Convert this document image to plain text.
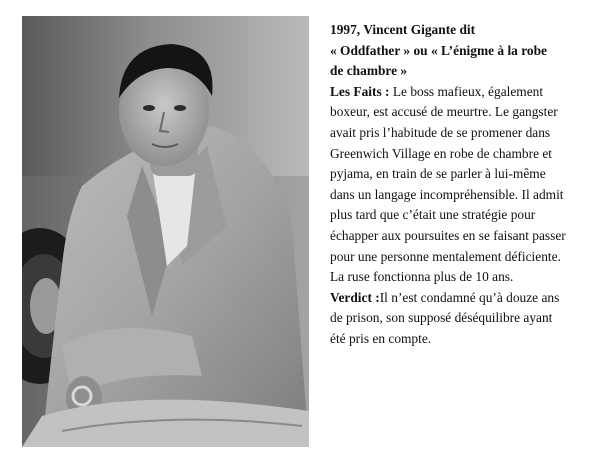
1997, Vincent Gigante dit

« Oddfather » ou « L’énigme à la robe

de chambre »

Les Faits : Le boss mafieux, également

boxeur, est accusé de meurtre. Le gangster

avait pris l’habitude de se promener dans

Greenwich Village en robe de chambre et

pyjama, en train de se parler à lui-même

dans un langage incompréhensible. Il admit

plus tard que c’était une stratégie pour

échapper aux poursuites en se faisant passer

pour une personne mentalement déficiente.

La ruse fonctionna plus de 10 ans.

Verdict :Il n’est condamné qu’à douze ans

de prison, son supposé déséquilibre ayant

été pris en compte.
